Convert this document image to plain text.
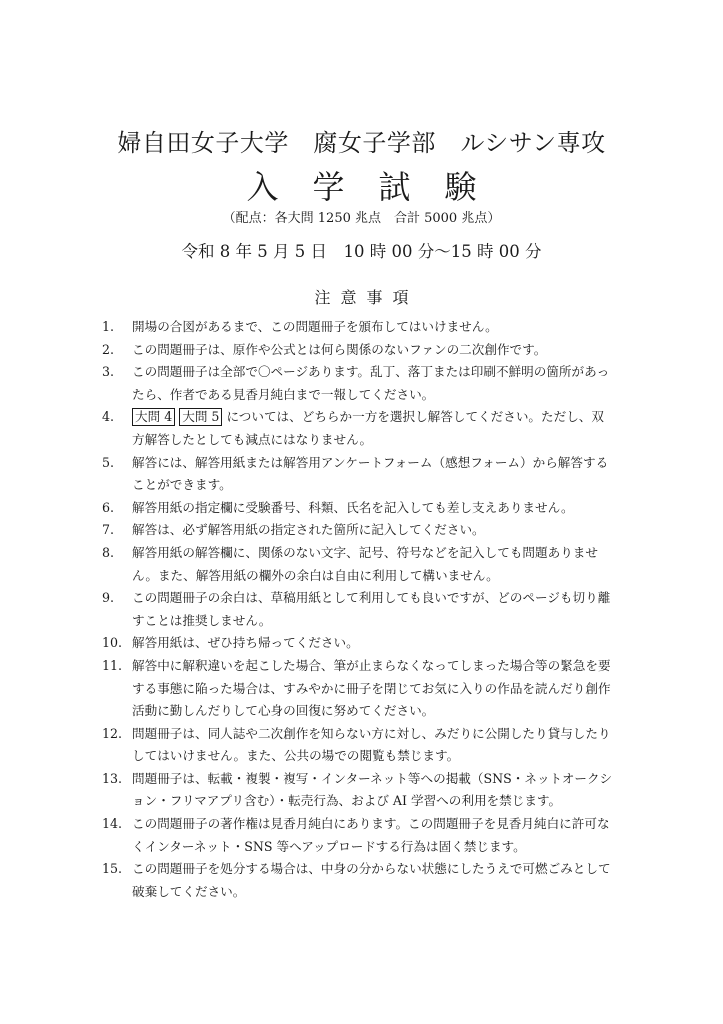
婦自田女子大学　腐女子学部　ルシサン専攻
入学試験
（配点：各大問 1250 兆点　合計 5000 兆点）
令和 8 年 5 月 5 日　10 時 00 分〜15 時 00 分
注意事項
1.	開場の合図があるまで、この問題冊子を頒布してはいけません。
2.	この問題冊子は、原作や公式とは何ら関係のないファンの二次創作です。
3.	この問題冊子は全部で〇ページあります。乱丁、落丁または印刷不鮮明の箇所があっ
たら、作者である見香月純白まで一報してください。
4.	大問 4 大問 5 については、どちらか一方を選択し解答してください。ただし、双
方解答したとしても減点にはなりません。
5.	解答には、解答用紙または解答用アンケートフォーム（感想フォーム）から解答する
ことができます。
6.	解答用紙の指定欄に受験番号、科類、氏名を記入しても差し支えありません。
7.	解答は、必ず解答用紙の指定された箇所に記入してください。
8.	解答用紙の解答欄に、関係のない文字、記号、符号などを記入しても問題ありませ
ん。また、解答用紙の欄外の余白は自由に利用して構いません。
9.	この問題冊子の余白は、草稿用紙として利用しても良いですが、どのページも切り離
すことは推奨しません。
10. 解答用紙は、ぜひ持ち帰ってください。
11. 解答中に解釈違いを起こした場合、筆が止まらなくなってしまった場合等の緊急を要
する事態に陥った場合は、すみやかに冊子を閉じてお気に入りの作品を読んだり創作
活動に勤しんだりして心身の回復に努めてください。
12. 問題冊子は、同人誌や二次創作を知らない方に対し、みだりに公開したり貸与したり
してはいけません。また、公共の場での閲覧も禁じます。
13. 問題冊子は、転載・複製・複写・インターネット等への掲載（SNS・ネットオークシ
ョン・フリマアプリ含む）・転売行為、および AI 学習への利用を禁じます。
14. この問題冊子の著作権は見香月純白にあります。この問題冊子を見香月純白に許可な
くインターネット・SNS 等へアップロードする行為は固く禁じます。
15. この問題冊子を処分する場合は、中身の分からない状態にしたうえで可燃ごみとして
破棄してください。
